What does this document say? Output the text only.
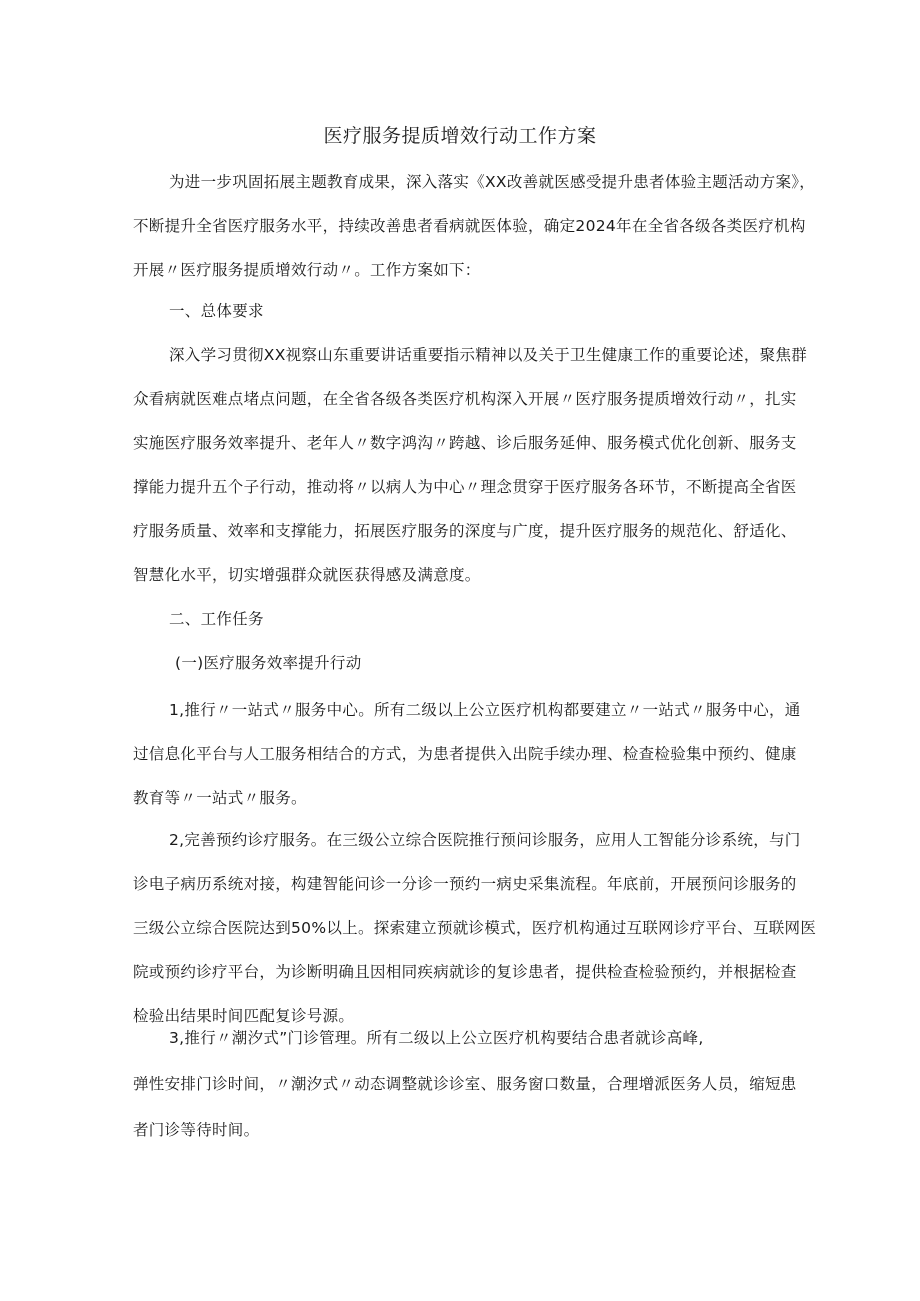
医疗服务提质增效行动工作方案
为进一步巩固拓展主题教育成果，深入落实《XX改善就医感受提升患者体验主题活动方案》，
不断提升全省医疗服务水平，持续改善患者看病就医体验，确定2024年在全省各级各类医疗机构
开展〃医疗服务提质增效行动〃。工作方案如下：
一、总体要求
深入学习贯彻XX视察山东重要讲话重要指示精神以及关于卫生健康工作的重要论述，聚焦群
众看病就医难点堵点问题，在全省各级各类医疗机构深入开展〃医疗服务提质增效行动〃，扎实
实施医疗服务效率提升、老年人〃数字鸿沟〃跨越、诊后服务延伸、服务模式优化创新、服务支
撑能力提升五个子行动，推动将〃以病人为中心〃理念贯穿于医疗服务各环节，不断提高全省医
疗服务质量、效率和支撑能力，拓展医疗服务的深度与广度，提升医疗服务的规范化、舒适化、
智慧化水平，切实增强群众就医获得感及满意度。
二、工作任务
(一)医疗服务效率提升行动
1,推行〃一站式〃服务中心。所有二级以上公立医疗机构都要建立〃一站式〃服务中心，通
过信息化平台与人工服务相结合的方式，为患者提供入出院手续办理、检查检验集中预约、健康
教育等〃一站式〃服务。
2,完善预约诊疗服务。在三级公立综合医院推行预问诊服务，应用人工智能分诊系统，与门
诊电子病历系统对接，构建智能问诊一分诊一预约一病史采集流程。年底前，开展预问诊服务的
三级公立综合医院达到50%以上。探索建立预就诊模式，医疗机构通过互联网诊疗平台、互联网医
院或预约诊疗平台，为诊断明确且因相同疾病就诊的复诊患者，提供检查检验预约，并根据检查
检验出结果时间匹配复诊号源。
3,推行〃潮汐式”门诊管理。所有二级以上公立医疗机构要结合患者就诊高峰,
弹性安排门诊时间，〃潮汐式〃动态调整就诊诊室、服务窗口数量，合理增派医务人员，缩短患
者门诊等待时间。
